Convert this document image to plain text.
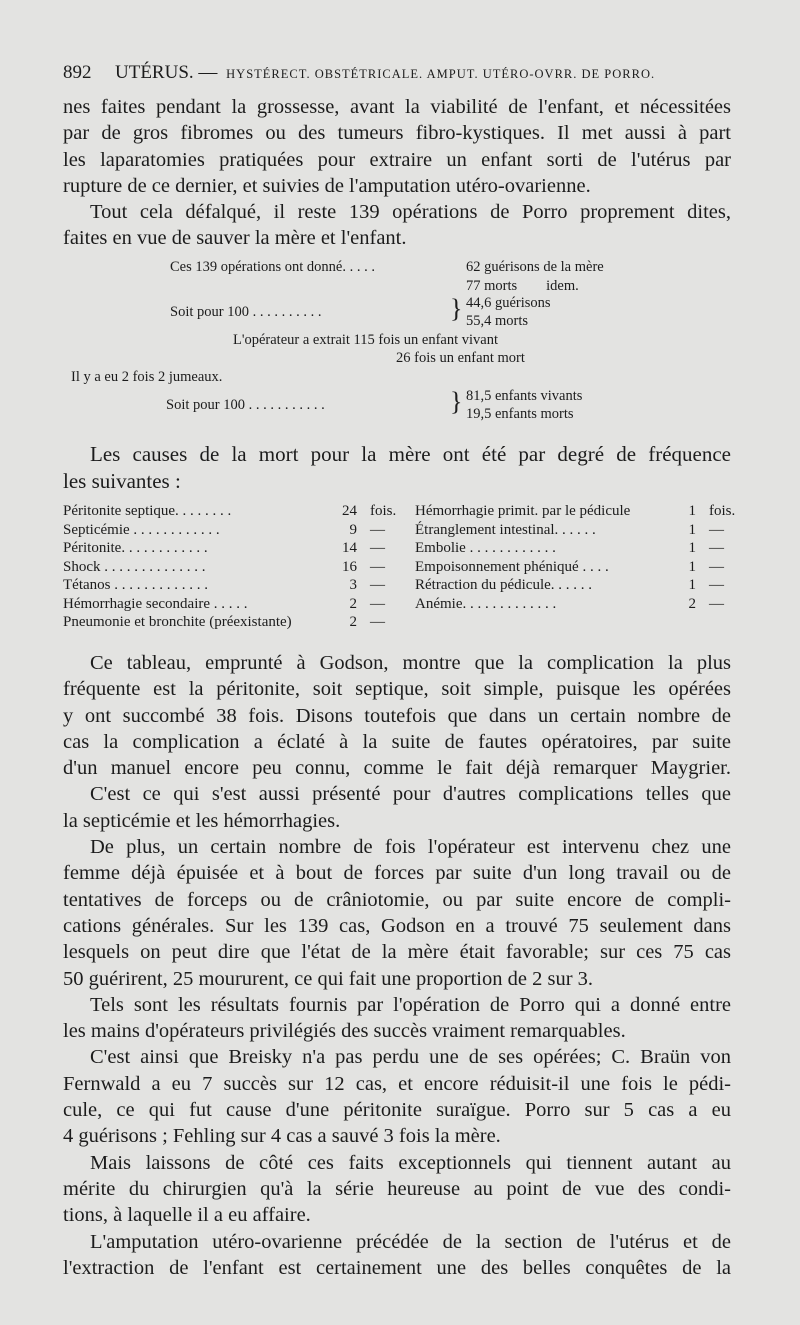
892 UTÉRUS. — HYSTÉRECT. OBSTÉTRICALE. AMPUT. UTÉRO-OVRR. DE PORRO.
nes faites pendant la grossesse, avant la viabilité de l'enfant, et nécessitées
par de gros fibromes ou des tumeurs fibro-kystiques. Il met aussi à part
les laparatomies pratiquées pour extraire un enfant sorti de l'utérus par
rupture de ce dernier, et suivies de l'amputation utéro-ovarienne.
Tout cela défalqué, il reste 139 opérations de Porro proprement dites,
faites en vue de sauver la mère et l'enfant.
Ces 139 opérations ont donné. . . . .	62 guérisons de la mère
77 morts        idem.
Soit pour 100 . . . . . . . . . .	} 44,6 guérisons
55,4 morts
L'opérateur a extrait 115 fois un enfant vivant
26 fois un enfant mort
Il y a eu 2 fois 2 jumeaux.
Soit pour 100 . . . . . . . . . . .	} 81,5 enfants vivants
19,5 enfants morts
Les causes de la mort pour la mère ont été par degré de fréquence
les suivantes :
Péritonite septique. . . . . . . .	24 fois.
Septicémie . . . . . . . . . . . .	9 —
Péritonite. . . . . . . . . . . .	14 —
Shock . . . . . . . . . . . . . .	16 —
Tétanos . . . . . . . . . . . . .	3 —
Hémorrhagie secondaire . . . . .	2 —
Pneumonie et bronchite (préexistante)	2 —
Hémorrhagie primit. par le pédicule	1 fois.
Étranglement intestinal. . . . . .	1 —
Embolie . . . . . . . . . . . .	1 —
Empoisonnement phéniqué . . . .	1 —
Rétraction du pédicule. . . . . .	1 —
Anémie. . . . . . . . . . . . .	2 —
Ce tableau, emprunté à Godson, montre que la complication la plus
fréquente est la péritonite, soit septique, soit simple, puisque les opérées
y ont succombé 38 fois. Disons toutefois que dans un certain nombre de
cas la complication a éclaté à la suite de fautes opératoires, par suite
d'un manuel encore peu connu, comme le fait déjà remarquer Maygrier.
C'est ce qui s'est aussi présenté pour d'autres complications telles que
la septicémie et les hémorrhagies.
De plus, un certain nombre de fois l'opérateur est intervenu chez une
femme déjà épuisée et à bout de forces par suite d'un long travail ou de
tentatives de forceps ou de crâniotomie, ou par suite encore de compli-
cations générales. Sur les 139 cas, Godson en a trouvé 75 seulement dans
lesquels on peut dire que l'état de la mère était favorable; sur ces 75 cas
50 guérirent, 25 moururent, ce qui fait une proportion de 2 sur 3.
Tels sont les résultats fournis par l'opération de Porro qui a donné entre
les mains d'opérateurs privilégiés des succès vraiment remarquables.
C'est ainsi que Breisky n'a pas perdu une de ses opérées; C. Braün von
Fernwald a eu 7 succès sur 12 cas, et encore réduisit-il une fois le pédi-
cule, ce qui fut cause d'une péritonite suraïgue. Porro sur 5 cas a eu
4 guérisons ; Fehling sur 4 cas a sauvé 3 fois la mère.
Mais laissons de côté ces faits exceptionnels qui tiennent autant au
mérite du chirurgien qu'à la série heureuse au point de vue des condi-
tions, à laquelle il a eu affaire.
L'amputation utéro-ovarienne précédée de la section de l'utérus et de
l'extraction de l'enfant est certainement une des belles conquêtes de la
